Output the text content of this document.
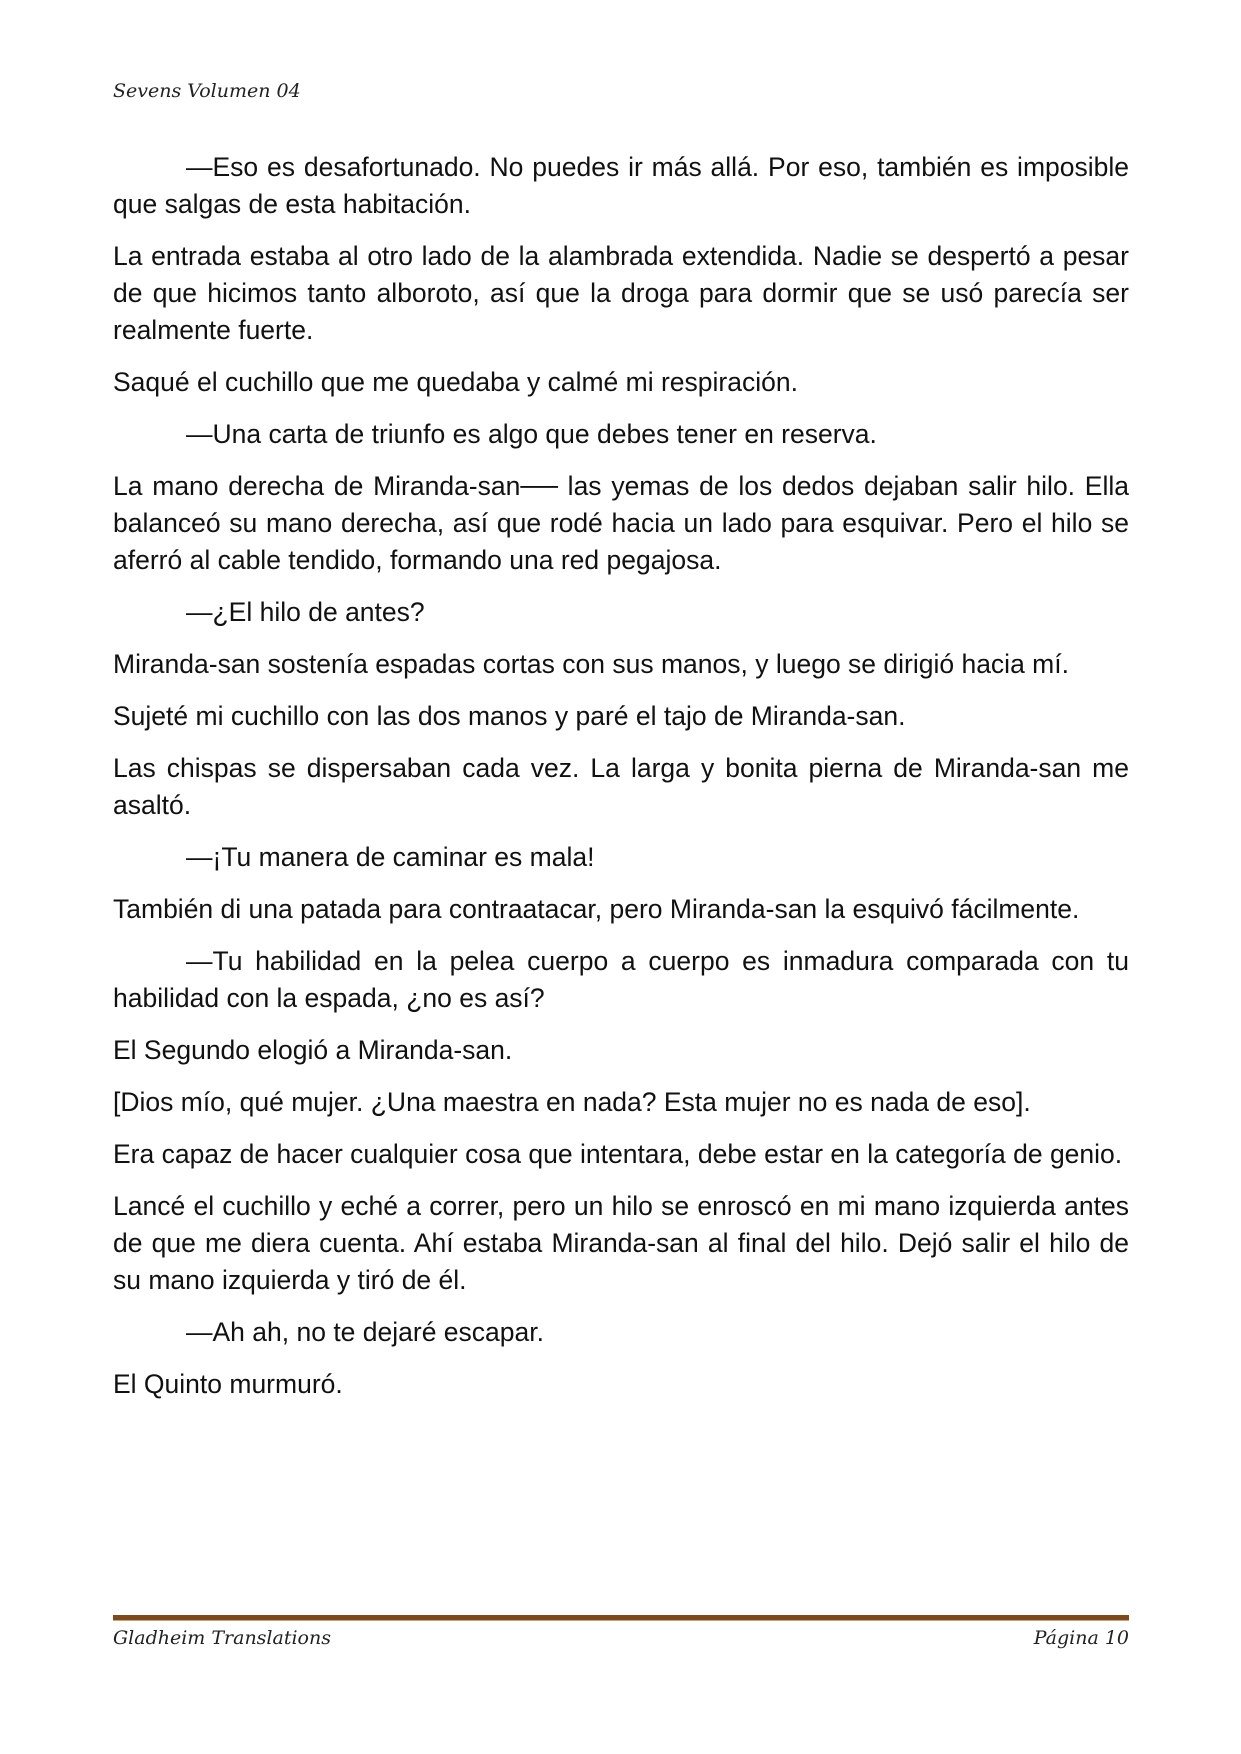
Sevens Volumen 04

—Eso es desafortunado. No puedes ir más allá. Por eso, también es imposible que salgas de esta habitación.

La entrada estaba al otro lado de la alambrada extendida. Nadie se despertó a pesar de que hicimos tanto alboroto, así que la droga para dormir que se usó parecía ser realmente fuerte.

Saqué el cuchillo que me quedaba y calmé mi respiración.

—Una carta de triunfo es algo que debes tener en reserva.

La mano derecha de Miranda-san── las yemas de los dedos dejaban salir hilo. Ella balanceó su mano derecha, así que rodé hacia un lado para esquivar. Pero el hilo se aferró al cable tendido, formando una red pegajosa.

—¿El hilo de antes?

Miranda-san sostenía espadas cortas con sus manos, y luego se dirigió hacia mí.

Sujeté mi cuchillo con las dos manos y paré el tajo de Miranda-san.

Las chispas se dispersaban cada vez. La larga y bonita pierna de Miranda-san me asaltó.

—¡Tu manera de caminar es mala!

También di una patada para contraatacar, pero Miranda-san la esquivó fácilmente.

—Tu habilidad en la pelea cuerpo a cuerpo es inmadura comparada con tu habilidad con la espada, ¿no es así?

El Segundo elogió a Miranda-san.

[Dios mío, qué mujer. ¿Una maestra en nada? Esta mujer no es nada de eso].

Era capaz de hacer cualquier cosa que intentara, debe estar en la categoría de genio.

Lancé el cuchillo y eché a correr, pero un hilo se enroscó en mi mano izquierda antes de que me diera cuenta. Ahí estaba Miranda-san al final del hilo. Dejó salir el hilo de su mano izquierda y tiró de él.

—Ah ah, no te dejaré escapar.

El Quinto murmuró.

Gladheim Translations	Página 10
